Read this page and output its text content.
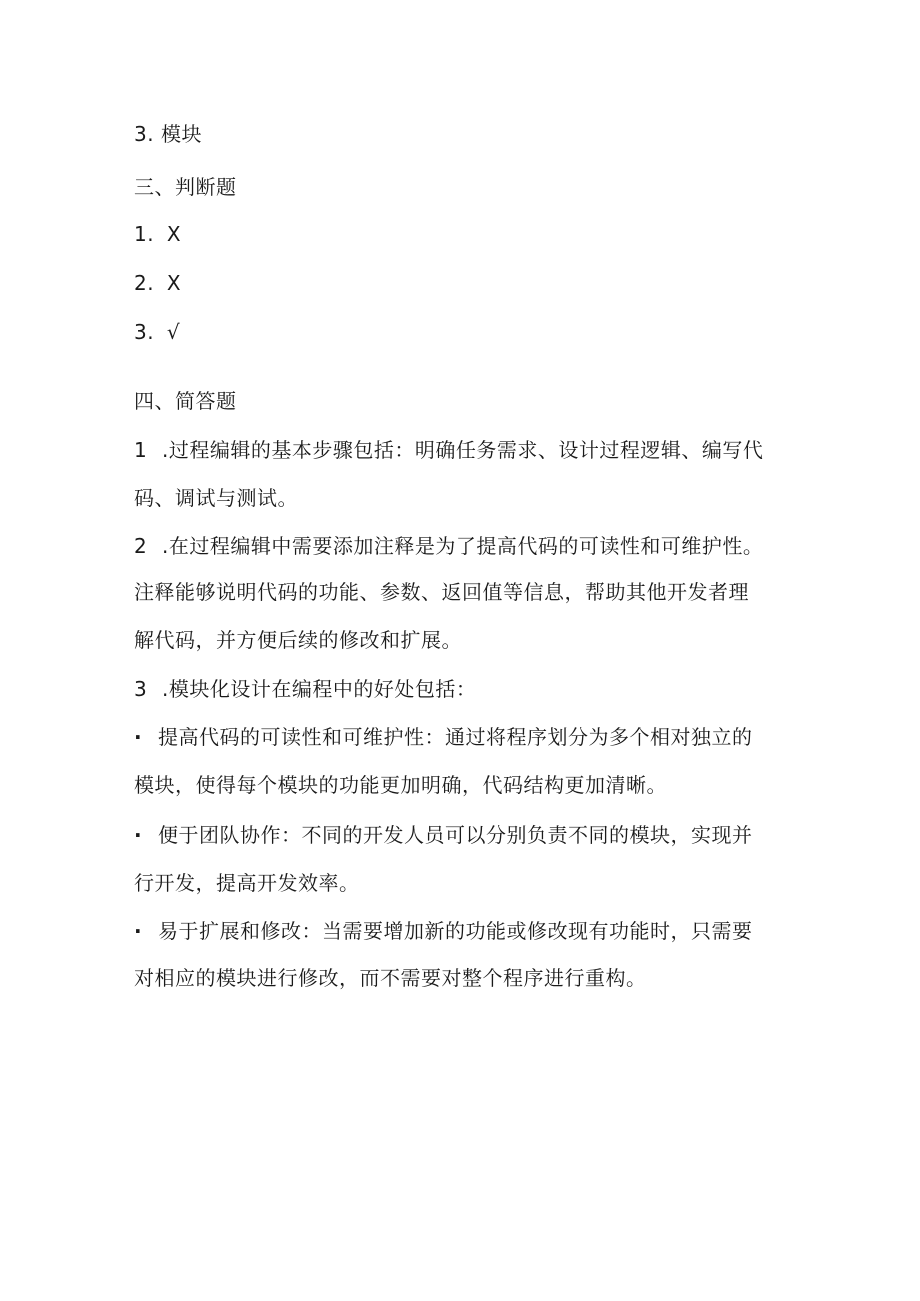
3. 模块
三、判断题
1. X
2. X
3. √
四、简答题
1 .过程编辑的基本步骤包括：明确任务需求、设计过程逻辑、编写代
码、调试与测试。
2 .在过程编辑中需要添加注释是为了提高代码的可读性和可维护性。
注释能够说明代码的功能、参数、返回值等信息，帮助其他开发者理
解代码，并方便后续的修改和扩展。
3 .模块化设计在编程中的好处包括：
· 提高代码的可读性和可维护性：通过将程序划分为多个相对独立的
模块，使得每个模块的功能更加明确，代码结构更加清晰。
· 便于团队协作：不同的开发人员可以分别负责不同的模块，实现并
行开发，提高开发效率。
· 易于扩展和修改：当需要增加新的功能或修改现有功能时，只需要
对相应的模块进行修改，而不需要对整个程序进行重构。
